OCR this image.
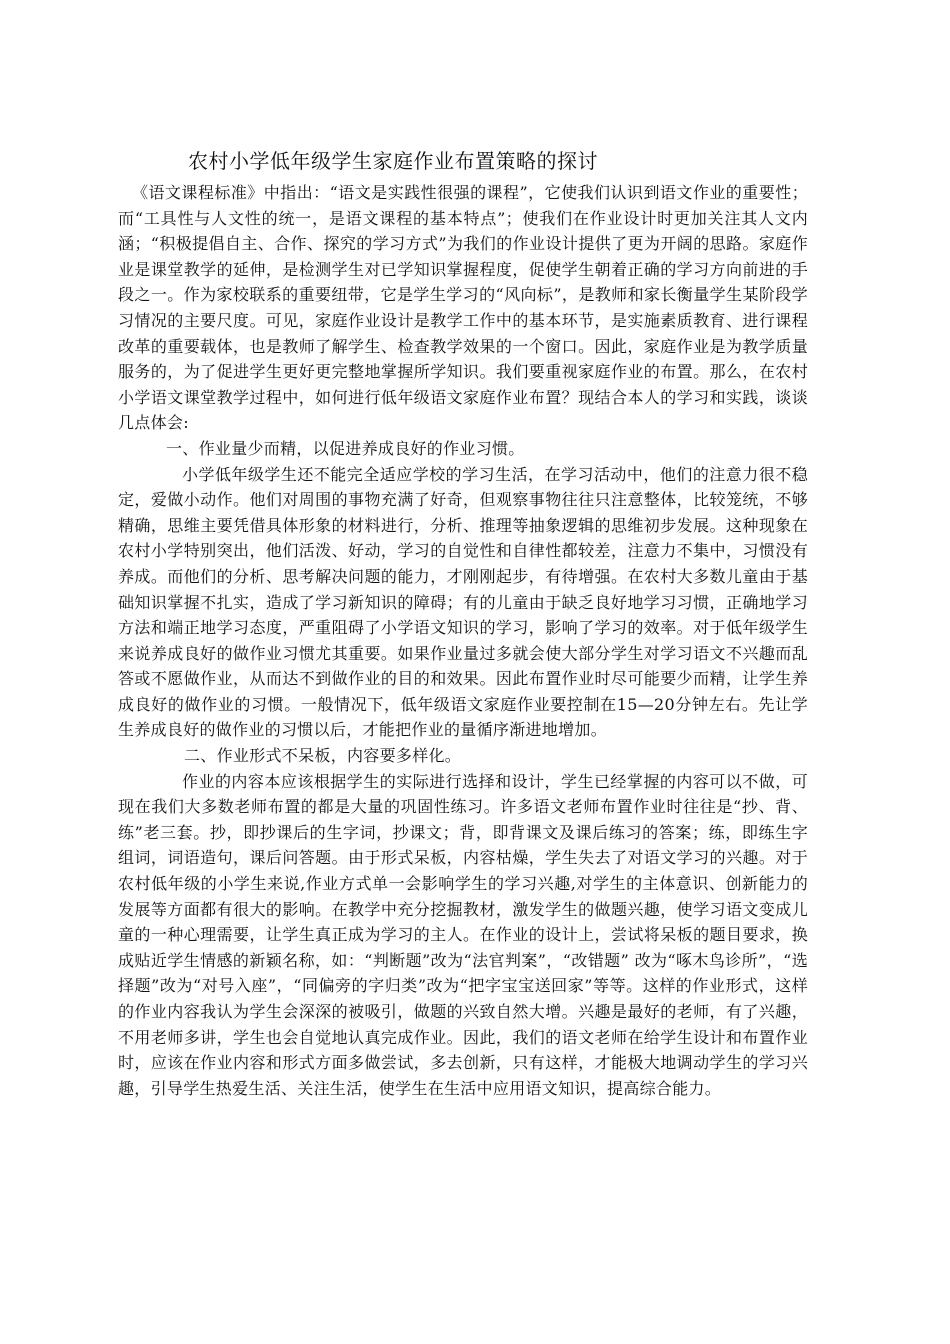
农村小学低年级学生家庭作业布置策略的探讨

《语文课程标准》中指出：“语文是实践性很强的课程”，它使我们认识到语文作业的重要性；而“工具性与人文性的统一，是语文课程的基本特点”；使我们在作业设计时更加关注其人文内涵；“积极提倡自主、合作、探究的学习方式”为我们的作业设计提供了更为开阔的思路。家庭作业是课堂教学的延伸，是检测学生对已学知识掌握程度，促使学生朝着正确的学习方向前进的手段之一。作为家校联系的重要纽带，它是学生学习的“风向标”，是教师和家长衡量学生某阶段学习情况的主要尺度。可见，家庭作业设计是教学工作中的基本环节，是实施素质教育、进行课程改革的重要载体，也是教师了解学生、检查教学效果的一个窗口。因此，家庭作业是为教学质量服务的，为了促进学生更好更完整地掌握所学知识。我们要重视家庭作业的布置。那么，在农村小学语文课堂教学过程中，如何进行低年级语文家庭作业布置？现结合本人的学习和实践，谈谈几点体会:

一、作业量少而精，以促进养成良好的作业习惯。

小学低年级学生还不能完全适应学校的学习生活，在学习活动中，他们的注意力很不稳定，爱做小动作。他们对周围的事物充满了好奇，但观察事物往往只注意整体，比较笼统，不够精确，思维主要凭借具体形象的材料进行，分析、推理等抽象逻辑的思维初步发展。这种现象在农村小学特别突出，他们活泼、好动，学习的自觉性和自律性都较差，注意力不集中，习惯没有养成。而他们的分析、思考解决问题的能力，才刚刚起步，有待增强。在农村大多数儿童由于基础知识掌握不扎实，造成了学习新知识的障碍；有的儿童由于缺乏良好地学习习惯，正确地学习方法和端正地学习态度，严重阻碍了小学语文知识的学习，影响了学习的效率。对于低年级学生来说养成良好的做作业习惯尤其重要。如果作业量过多就会使大部分学生对学习语文不兴趣而乱答或不愿做作业，从而达不到做作业的目的和效果。因此布置作业时尽可能要少而精，让学生养成良好的做作业的习惯。一般情况下，低年级语文家庭作业要控制在15—20分钟左右。先让学生养成良好的做作业的习惯以后，才能把作业的量循序渐进地增加。

二、作业形式不呆板，内容要多样化。

作业的内容本应该根据学生的实际进行选择和设计，学生已经掌握的内容可以不做，可现在我们大多数老师布置的都是大量的巩固性练习。许多语文老师布置作业时往往是“抄、背、练”老三套。抄，即抄课后的生字词，抄课文；背，即背课文及课后练习的答案；练，即练生字组词，词语造句，课后问答题。由于形式呆板，内容枯燥，学生失去了对语文学习的兴趣。对于农村低年级的小学生来说,作业方式单一会影响学生的学习兴趣,对学生的主体意识、创新能力的发展等方面都有很大的影响。在教学中充分挖掘教材，激发学生的做题兴趣，使学习语文变成儿童的一种心理需要，让学生真正成为学习的主人。在作业的设计上，尝试将呆板的题目要求，换成贴近学生情感的新颖名称，如：“判断题”改为“法官判案”，“改错题” 改为“啄木鸟诊所”，“选择题”改为“对号入座”，“同偏旁的字归类”改为“把字宝宝送回家”等等。这样的作业形式，这样的作业内容我认为学生会深深的被吸引，做题的兴致自然大增。兴趣是最好的老师，有了兴趣，不用老师多讲，学生也会自觉地认真完成作业。因此，我们的语文老师在给学生设计和布置作业时，应该在作业内容和形式方面多做尝试，多去创新，只有这样，才能极大地调动学生的学习兴趣，引导学生热爱生活、关注生活，使学生在生活中应用语文知识，提高综合能力。
